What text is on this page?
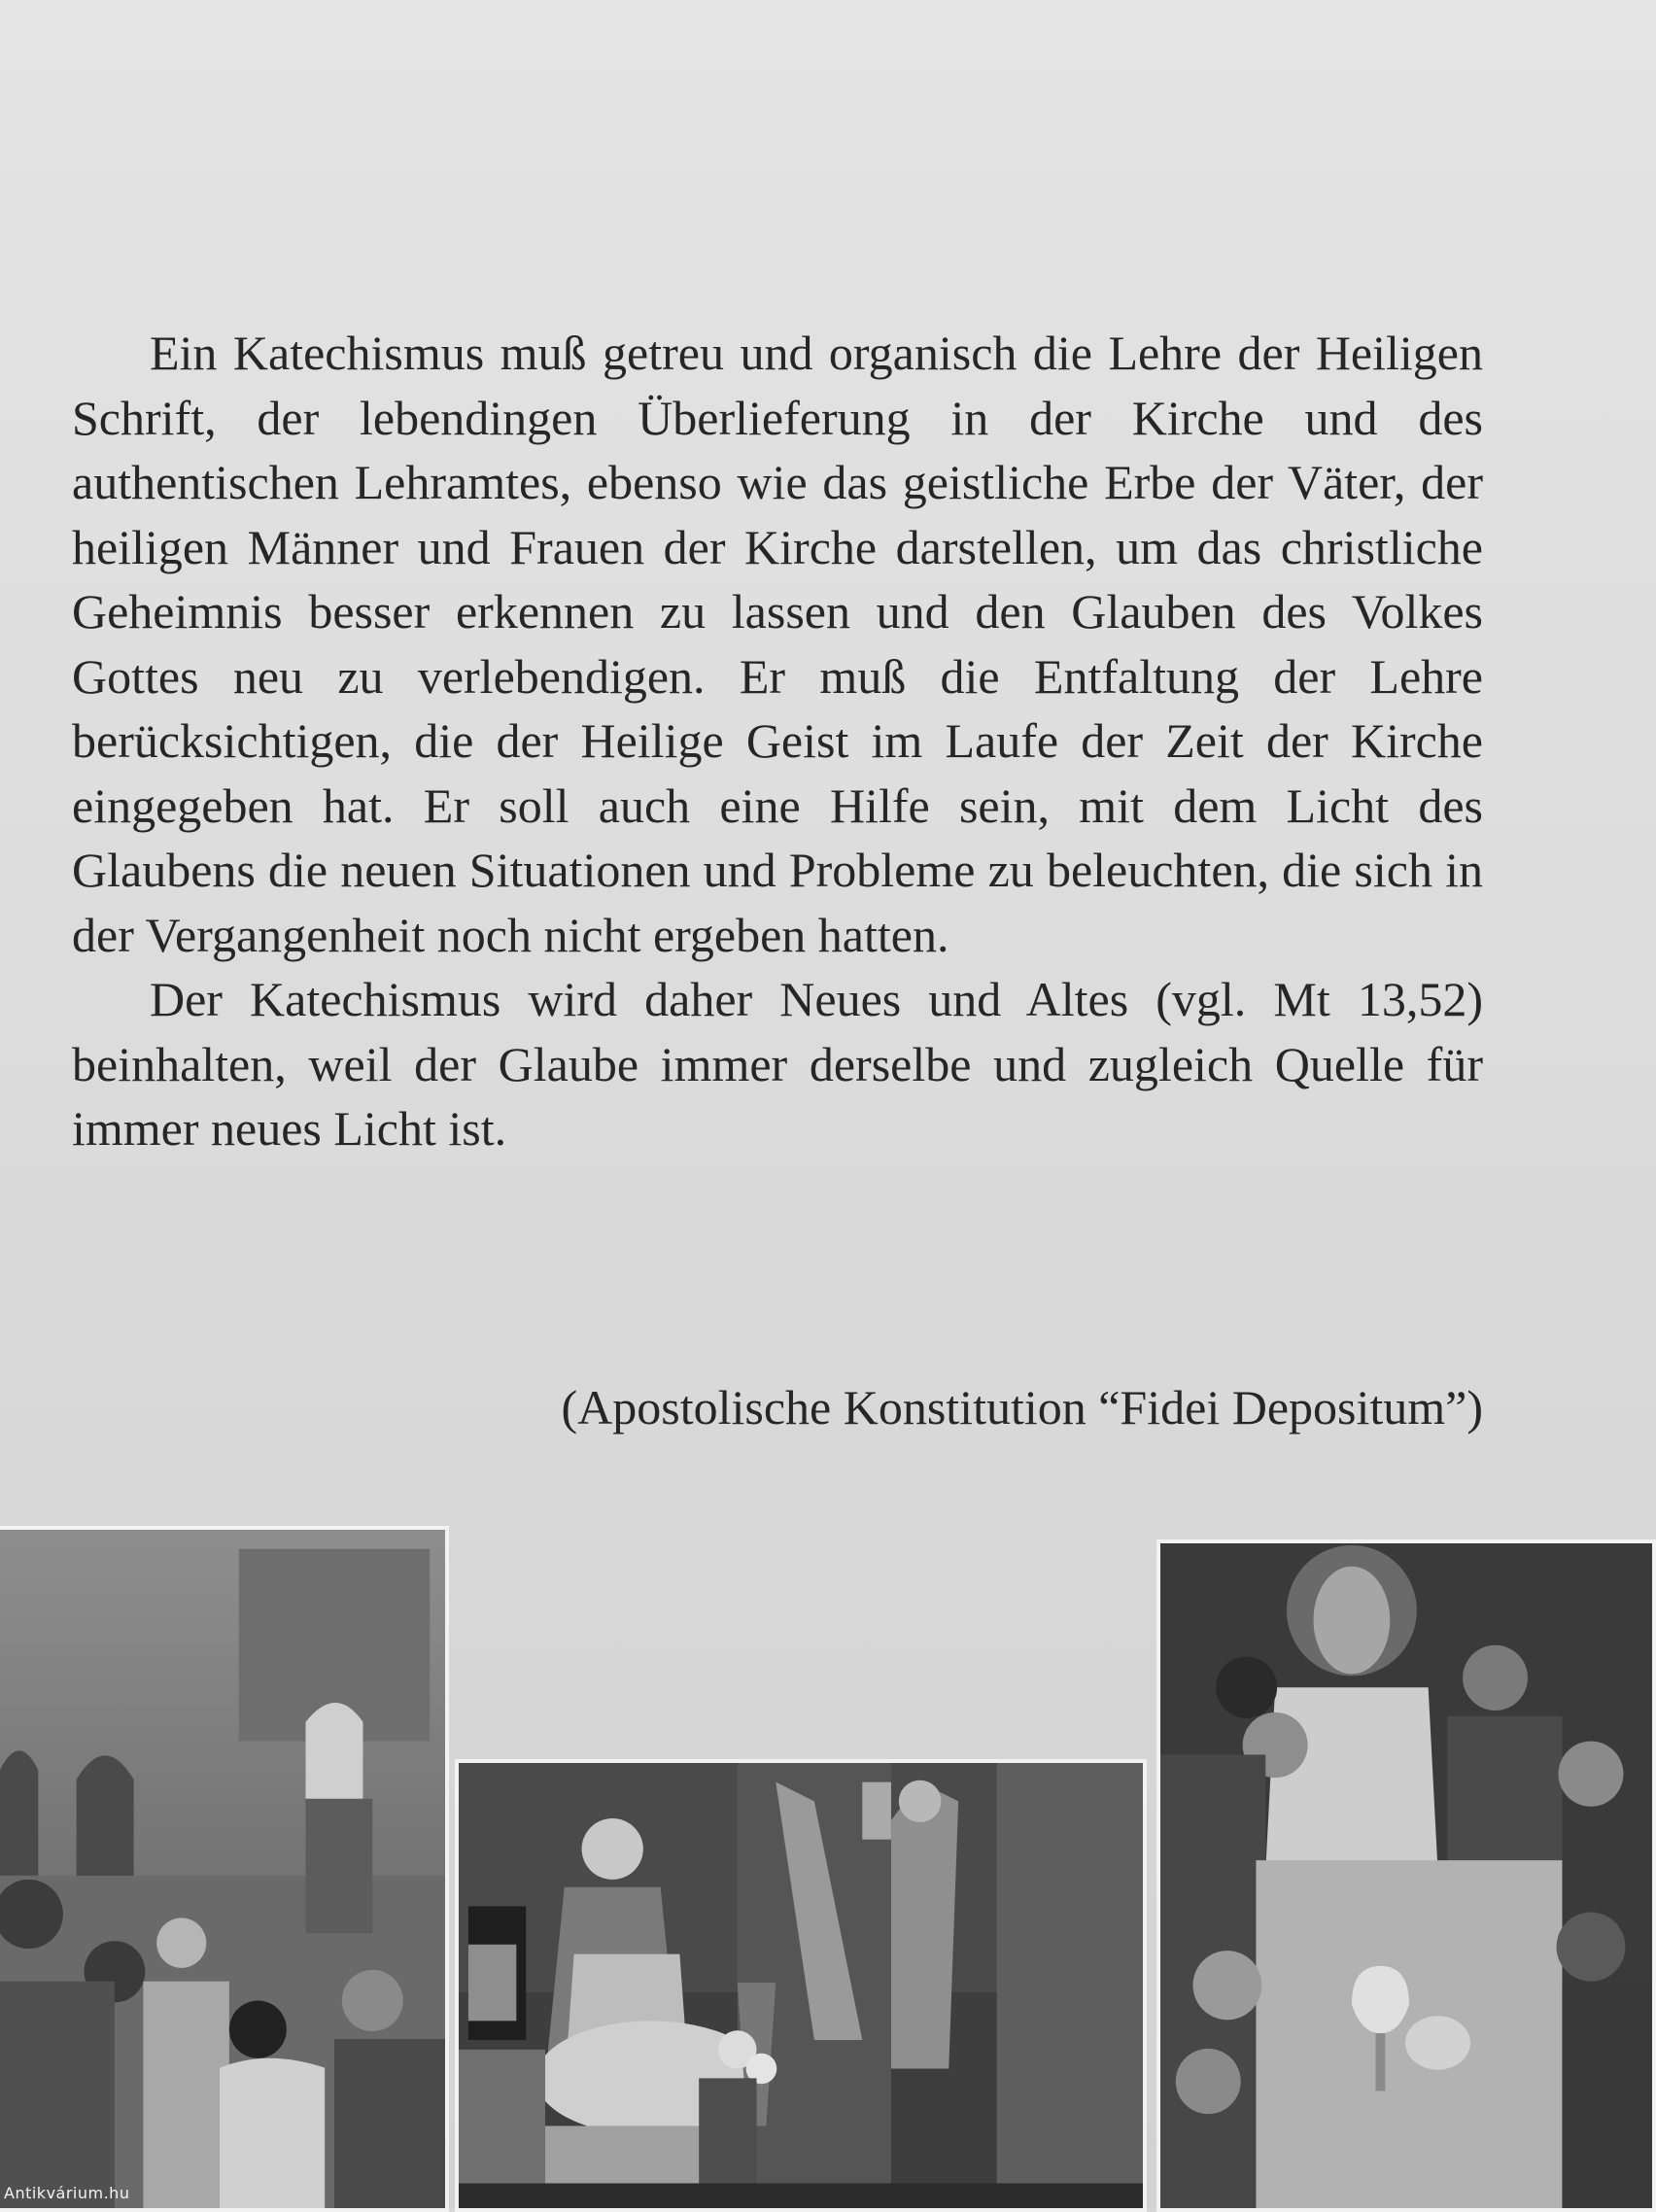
Ein Katechismus muß getreu und organisch die Lehre der Heiligen Schrift, der lebendingen Überlieferung in der Kirche und des authentischen Lehramtes, ebenso wie das geistliche Erbe der Väter, der heiligen Männer und Frauen der Kirche darstellen, um das christliche Geheimnis besser erkennen zu lassen und den Glauben des Volkes Gottes neu zu verlebendigen. Er muß die Entfaltung der Lehre berücksichtigen, die der Heilige Geist im Laufe der Zeit der Kirche eingegeben hat. Er soll auch eine Hilfe sein, mit dem Licht des Glaubens die neuen Situationen und Probleme zu beleuchten, die sich in der Vergangenheit noch nicht ergeben hatten.

Der Katechismus wird daher Neues und Altes (vgl. Mt 13,52) beinhalten, weil der Glaube immer derselbe und zugleich Quelle für immer neues Licht ist.

(Apostolische Konstitution “Fidei Depositum”)
Antikvárium.hu
